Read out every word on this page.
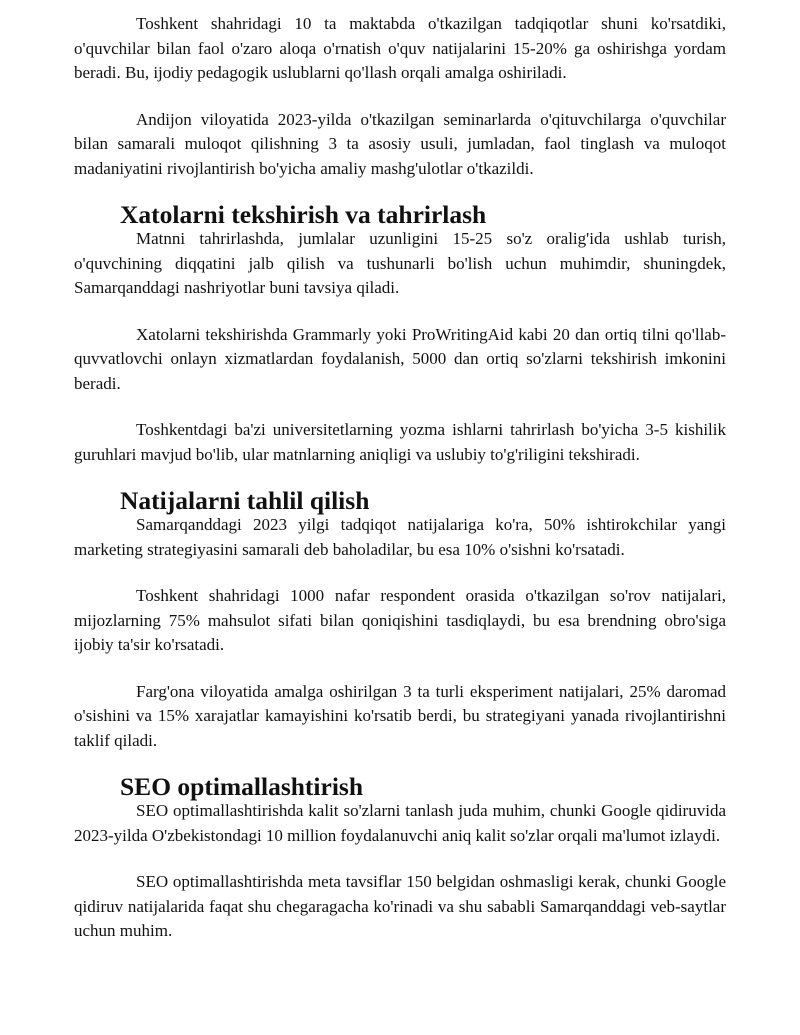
Toshkent shahridagi 10 ta maktabda o'tkazilgan tadqiqotlar shuni ko'rsatdiki, o'quvchilar bilan faol o'zaro aloqa o'rnatish o'quv natijalarini 15-20% ga oshirishga yordam beradi. Bu, ijodiy pedagogik uslublarni qo'llash orqali amalga oshiriladi.

Andijon viloyatida 2023-yilda o'tkazilgan seminarlarda o'qituvchilarga o'quvchilar bilan samarali muloqot qilishning 3 ta asosiy usuli, jumladan, faol tinglash va muloqot madaniyatini rivojlantirish bo'yicha amaliy mashg'ulotlar o'tkazildi.

Xatolarni tekshirish va tahrirlash

Matnni tahrirlashda, jumlalar uzunligini 15-25 so'z oralig'ida ushlab turish, o'quvchining diqqatini jalb qilish va tushunarli bo'lish uchun muhimdir, shuningdek, Samarqanddagi nashriyotlar buni tavsiya qiladi.

Xatolarni tekshirishda Grammarly yoki ProWritingAid kabi 20 dan ortiq tilni qo'llab-quvvatlovchi onlayn xizmatlardan foydalanish, 5000 dan ortiq so'zlarni tekshirish imkonini beradi.

Toshkentdagi ba'zi universitetlarning yozma ishlarni tahrirlash bo'yicha 3-5 kishilik guruhlari mavjud bo'lib, ular matnlarning aniqligi va uslubiy to'g'riligini tekshiradi.

Natijalarni tahlil qilish

Samarqanddagi 2023 yilgi tadqiqot natijalariga ko'ra, 50% ishtirokchilar yangi marketing strategiyasini samarali deb baholadilar, bu esa 10% o'sishni ko'rsatadi.

Toshkent shahridagi 1000 nafar respondent orasida o'tkazilgan so'rov natijalari, mijozlarning 75% mahsulot sifati bilan qoniqishini tasdiqlaydi, bu esa brendning obro'siga ijobiy ta'sir ko'rsatadi.

Farg'ona viloyatida amalga oshirilgan 3 ta turli eksperiment natijalari, 25% daromad o'sishini va 15% xarajatlar kamayishini ko'rsatib berdi, bu strategiyani yanada rivojlantirishni taklif qiladi.

SEO optimallashtirish

SEO optimallashtirishda kalit so'zlarni tanlash juda muhim, chunki Google qidiruvida 2023-yilda O'zbekistondagi 10 million foydalanuvchi aniq kalit so'zlar orqali ma'lumot izlaydi.

SEO optimallashtirishda meta tavsiflar 150 belgidan oshmasligi kerak, chunki Google qidiruv natijalarida faqat shu chegaragacha ko'rinadi va shu sababli Samarqanddagi veb-saytlar uchun muhim.
